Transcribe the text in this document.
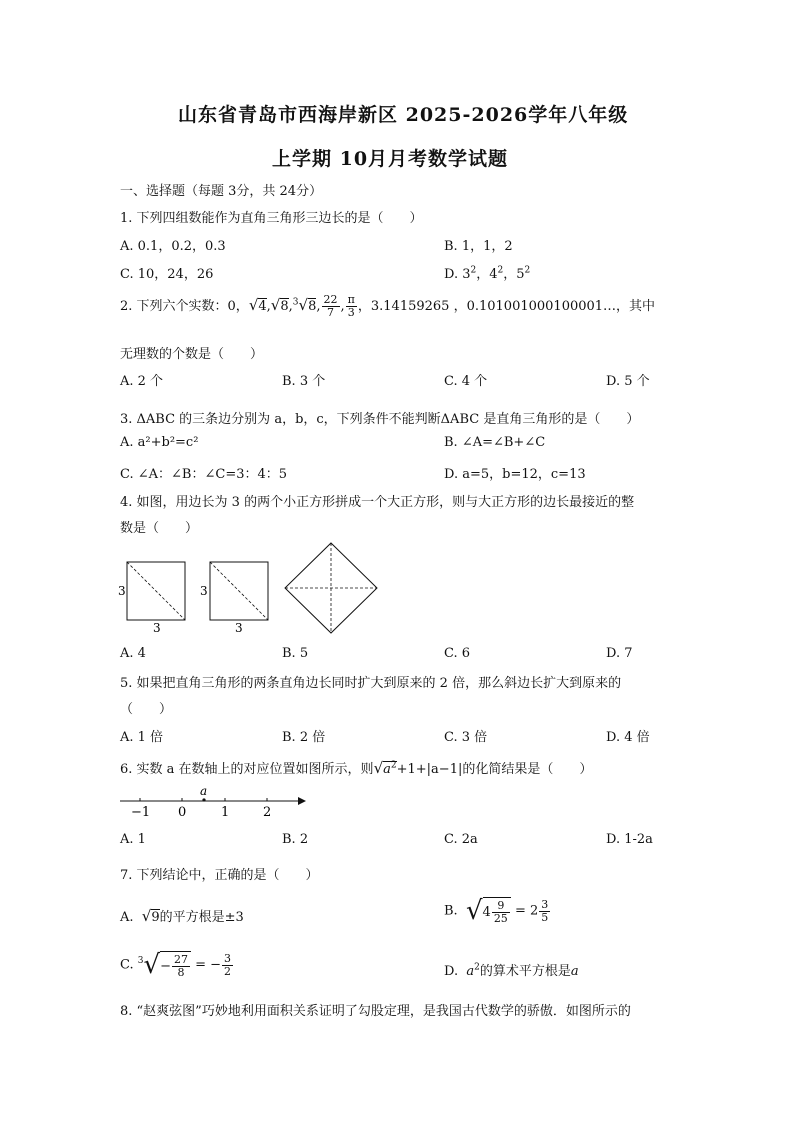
山东省青岛市西海岸新区 2025-2026学年八年级
上学期 10月月考数学试题
一、选择题（每题 3分，共 24分）
1. 下列四组数能作为直角三角形三边长的是（　　）
A. 0.1，0.2，0.3	B. 1，1，2
C. 10，24，26	D. $3^2$，$4^2$，$5^2$
2. 下列六个实数：0，√4,√8,$^3$√8, $\frac{22}{7}$ , $\frac{\pi}{3}$ ，3.14159265 ，0.101001000100001…，其中
无理数的个数是（　　）
A. 2 个	B. 3 个	C. 4 个	D. 5 个
3. ΔABC 的三条边分别为 a，b，c，下列条件不能判断ΔABC 是直角三角形的是（　　）
A. a²+b²=c²	B. ∠A=∠B+∠C
C. ∠A：∠B：∠C=3：4：5	D. a=5，b=12，c=13
4. 如图，用边长为 3 的两个小正方形拼成一个大正方形，则与大正方形的边长最接近的整
数是（　　）
3
3
3
3
A. 4	B. 5	C. 6	D. 7
5. 如果把直角三角形的两条直角边长同时扩大到原来的 2 倍，那么斜边长扩大到原来的
（　　）
A. 1 倍	B. 2 倍	C. 3 倍	D. 4 倍
6. 实数 a 在数轴上的对应位置如图所示，则$√a^2+1+|a-1|$的化简结果是（　　）
a
−1 0	1	2
A. 1	B. 2	C. 2a	D. 1-2a
7. 下列结论中，正确的是（　　）
A. √9的平方根是±3	B. $√4 \frac{9}{25} = 2 \frac{3}{5}$
C. $^3√- \frac{27}{8}$ = − $\frac{3}{2}$	D. $a^2$的算术平方根是a
8. “赵爽弦图”巧妙地利用面积关系证明了勾股定理，是我国古代数学的骄傲．如图所示的
